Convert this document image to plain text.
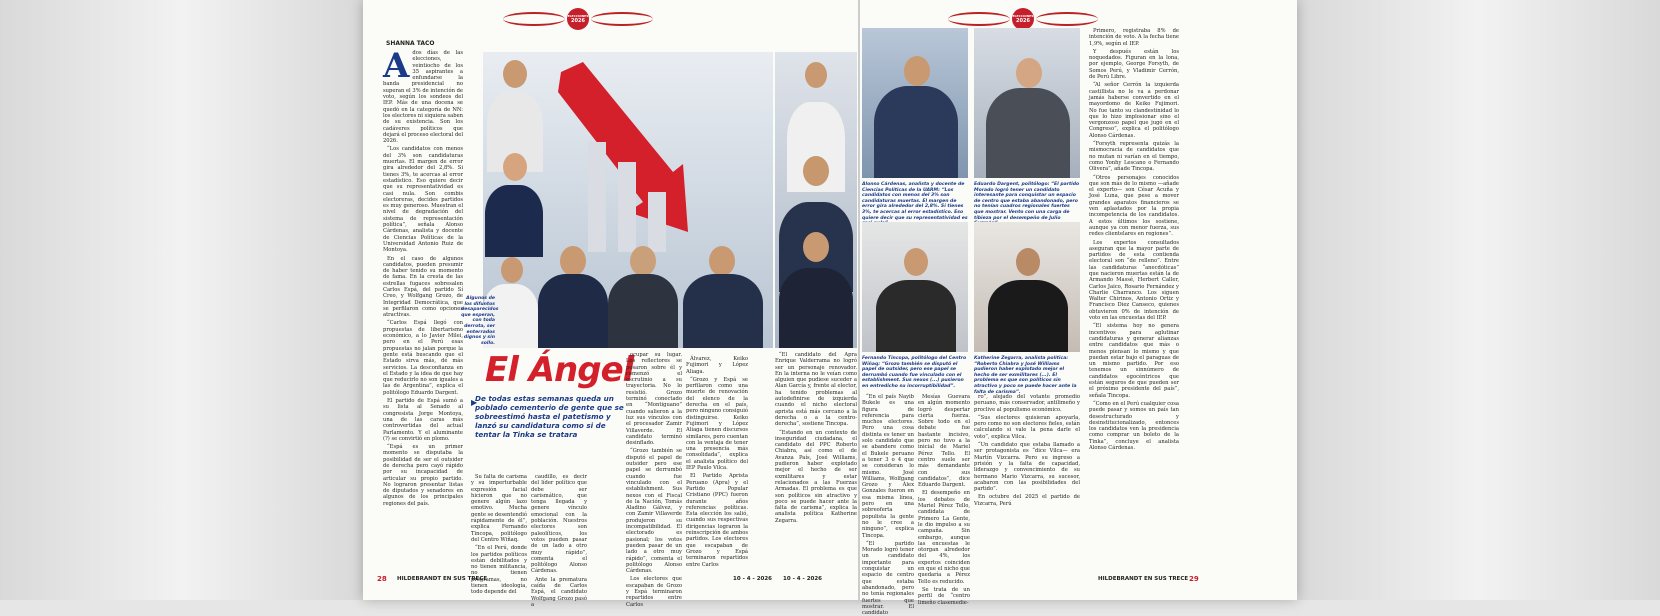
ELECCIONES
2026
ELECCIONES
2026
SHANNA TACO
A dos días de las elecciones, veintiocho de los 35 aspirantes a enfundarse la banda presidencial no superan el 3% de intención de voto, según los sondeos del IEP. Más de una docena se quedó en la categoría de NN: los electores ni siquiera saben de su existencia. Son los cadáveres políticos que dejará el proceso electoral del 2026.

“Los candidatos con menos del 3% son candidaturas muertas. El margen de error gira alrededor del 2,8%. Si tienes 3%, te acercas al error estadístico. Eso quiere decir que su representatividad es casi nula. Son combis electoreras, decides partidos es muy generoso. Muestran el nivel de degradación del sistema de representación política”, señala Alonso Cárdenas, analista y docente de Ciencias Políticas de la Universidad Antonio Ruiz de Montoya.

En el caso de algunos candidatos, pueden presumir de haber tenido su momento de fama. En la cresta de las estrellas fugaces sobresalen Carlos Espá, del partido Sí Creo, y Wolfgang Grozo, de Integridad Democrática, que se perfilaron como opciones atractivas.

“Carlos Espá llegó con propuestas de libertarismo económico, a lo Javier Milei, pero en el Perú esas propuestas no jalan porque la gente está buscando que el Estado sirva más, dé más servicios. La desconfianza en el Estado y la idea de que hay que reducirlo no son iguales a las de Argentina”, explica el politólogo Eduardo Dargent.

El partido de Espá sumó a su lista al Senado al congresista Jorge Montoya, una de las caras más controvertidas del actual Parlamento. Y el aluminante (?) se convirtió en plomo.

“Espá es un primer momento se disputaba la posibilidad de ser el outsider de derecha pero cayó rápido por su incapacidad de articular su propio partido. No lograron presentar listas de diputados y senadores en algunos de los principales regiones del país.

Algunos de los difuntos desaparecidos que esperan, con toda derrota, ser enterrados dignos y sin sollo.
El Ángel
De todas estas semanas queda un poblado cementerio de gente que se sobreestimó hasta el patetismo y lanzó su candidatura como si de tentar la Tinka se tratara
▶

Su falta de carisma y su imperturbable expresión facial hicieron que no genere algún lazo emotivo. Mucha gente se desentendió rápidamente de él”, explica Fernando Tincopa, politólogo del Centro Wiñaq.

“En el Perú, donde los partidos políticos están debilitados y no tienen militancia, no tienen programas, no tienen ideología, todo depende del

caudillo, es decir del líder político que debe ser carismático, que tenga llegada y genere vínculo emocional con la población. Nuestros electores son paleolíticos, los votos pueden pasar de un lado a otro muy rápido”, comenta el politólogo Alonso Cárdenas.

Ante la prematura caída de Carlos Espá, el candidato Wolfgang Grozo pasó a

ocupar su lugar. Los reflectores se posaron sobre él y comenzó el escrutinio a su trayectoria. No lo resistió. Grozo terminó conectado en “Montiguano” cuando salieron a la luz sus vínculos con el procesador Zamir Villaverde. El candidato terminó desinflado.

“Grozo también se disputó el papel de outsider pero ese papel se derrumbó cuando fue vinculado con el establishment. Sus nexos con el Fiscal de la Nación, Tomás Aladino Gálvez, y con Zamir Villaverde produjeron su incompatibilidad. El electorado es pasional; los votos pueden pasar de un lado a otro muy rápido”, comenta el politólogo Alonso Cárdenas.

Los electores que escapaban de Grozo y Espá terminaron repartidos entre Carlos

Álvarez, Keiko Fujimori y López Aliaga.

“Grozo y Espá se perfilaron como una muerte de renovación del elenco de la derecha en el país, pero ninguno consiguió distinguirse. Keiko Fujimori y López Aliaga tienen discursos similares, pero cuentan con la ventaja de tener una presencia más consolidada”, explica el analista político del IEP Paulo Vilca.

El Partido Aprista Peruano (Apra) y el Partido Popular Cristiano (PPC) fueron durante años referencias políticas. Esta elección los salió, cuando sus respectivas dirigencias lograron la reinscripción de ambos partidos. Los electores que escapaban de Grozo y Espá terminaron repartidos entre Carlos

“El candidato del Apra Enrique Valderrama no logró ser un personaje renovador. En la interna no le veían como alguien que pudiese suceder a Alan García y, frente al elector, ha tenido problemas al autodefinirse de izquierda cuando el nicho electoral aprista está más cercano a la derecha o a la centro-derecha”, sostiene Tincopa.

“Estando en un contexto de inseguridad ciudadana, el candidato del PPC Roberto Chiabra, así como el de Avanza País, José Williams, pudieron haber explotado mejor el hecho de ser exmilitares y estar relacionados a las Fuerzas Armadas. El problema es que son políticos sin atractivo y poco se puede hacer ante la falta de carisma”, explica la analista política Katherine Zegarra.

Alonso Cárdenas, analista y docente de Ciencias Políticas de la UARM: “Los candidatos con menos del 3% son candidaturas muertas. El margen de error gira alrededor del 2,8%. Si tienes 3%, te acercas al error estadístico. Eso quiere decir que su representatividad es
Eduardo Dargent, politólogo: “El partido Morado logró tener un candidato interesante para conquistar un espacio de centro que estaba abandonado, pero no tenían cuadros regionales fuertes que mostrar. Vento con una carga de tibieza por el desempeño de Julio
Fernando Tincopa, politólogo del Centro Wiñaq: “Grozo también se disputó el papel de outsider, pero ese papel se derrumbó cuando fue vinculado con el establishment. Sus nexos (...) pusieron en entredicho su incorruptibilidad”.
Katherine Zegarra, analista política: “Roberto Chiabra y José Williams pudieron haber explotado mejor el hecho de ser exmilitares (...). El problema es que son políticos sin atractivo y poco se puede hacer ante la falta de carisma”.

“En el país Nayib Bukele es una figura de referencia para muchos electores. Pero una cosa distinta es tener un solo candidato que se abandere como el Bukele peruano a tener 3 o 4 que se consideran lo mismo. José Williams, Wolfgang Grozo y Álex Gonzales fueron en esa misma línea, pero en una sobreoferta populista la gente no le cree a ninguno”, explica Tincopa.

“El partido Morado logró tener un candidato importante para conquistar un espacio de centro que estaba abandonado, pero no tenía regionales fuertes que mostrar. El candidato

Mesías Guevara en algún momento logró despertar cierta fuerza. Sobre todo en el debate fue bastante incisivo, pero no tuvo a la inicial de Mariel Pérez Tello. El centro suele ser más demandante con sus candidatos”, dice Eduardo Dargent.

El desempeño en los debates de Mariel Pérez Tello, candidata de Primero La Gente, le dio impulso a su campaña. Sin embargo, aunque las encuestas le otorgan alrededor del 4%, los expertos coinciden en que el nicho que quedaría a Pérez Tello es reducido.

Se trata de un perfil de “centro limeño clasemedie-

ro”, alejado del votante promedio peruano, más conservador, antilimeño y proclive al populismo económico.

“Sus electores quisieran apoyarla, pero como no son electores fieles, están calculando si vale la pena darle el voto”, explica Vilca.

“Un candidato que estaba llamado a ser protagonista es “dice Vilca— era Martín Vizcarra. Pero su ingreso a prisión y la falta de capacidad, liderazgo y convencimiento de su hermano Mario Vizcarra, su sucesor, acabaron con las posibilidades del partido”.

En octubre del 2025 el partido de Vizcarra, Perú

Primero, registraba 8% de intención de voto. A la fecha tiene 1,9%, según el IEP.

Y después están los noquedados. Figuran en la lona, por ejemplo, George Forsyth, de Somos Perú, y Vladimir Cerrón, de Perú Libre.

“Al señor Cerrón la izquierda castillista no le va a perdonar jamás haberse convertido en el mayordomo de Keiko Fujimori. No fue tanto su clandestinidad lo que lo hizo implosionar sino el vergonzoso papel que jugó en el Congreso”, explica el politólogo Alonso Cárdenas.

“Forsyth representa quizás la mismocracia de candidatos que no mutan ni varían en el tiempo, como Yonhy Lescano o Fernando Olivera”, añade Tincopa.

“Otros personajes conocidos que son más de lo mismo —añade el experto— son César Acuña y José Luna, que pese a mover grandes aparatos financieros se ven aplastados por la propia incompetencia de los candidatos. A estos últimos los sostiene, aunque ya con menor fuerza, sus redes clientelares en regiones”.

Los expertos consultados aseguran que la mayor parte de partidos de esta contienda electoral son “de relleno”. Entre las candidaturas “anecdóticas” que nacieron muertas están la de Armando Massé, Herbert Caller, Carlos Jaico, Rosario Fernández y Charlie Charranco. Los siguen Walter Chirinos, Antonio Ortiz y Francisco Diez Canseco, quienes obtuvieron 0% de intención de voto en las encuestas del IEP.

“El sistema hoy no genera incentivos para aglutinar candidaturas y generar alianzas entre candidatos que más o menos piensan lo mismo y que puedan estar bajo el paraguas de un mismo partido. Por eso tenemos un sinnúmero de candidatos egocéntricos que están seguros de que pueden ser el próximo presidente del país”, señala Tincopa.

“Como en el Perú cualquier cosa puede pasar y somos un país tan desestructurado y desinstitucionalizado, entonces los candidatos ven la presidencia como comprar un boleto de la Tinka”, concluye el analista Alonso Cárdenas.

28 HILDEBRANDT EN SUS TRECE	10 - 4 - 2026 10 - 4 - 2026	HILDEBRANDT EN SUS TRECE 29
